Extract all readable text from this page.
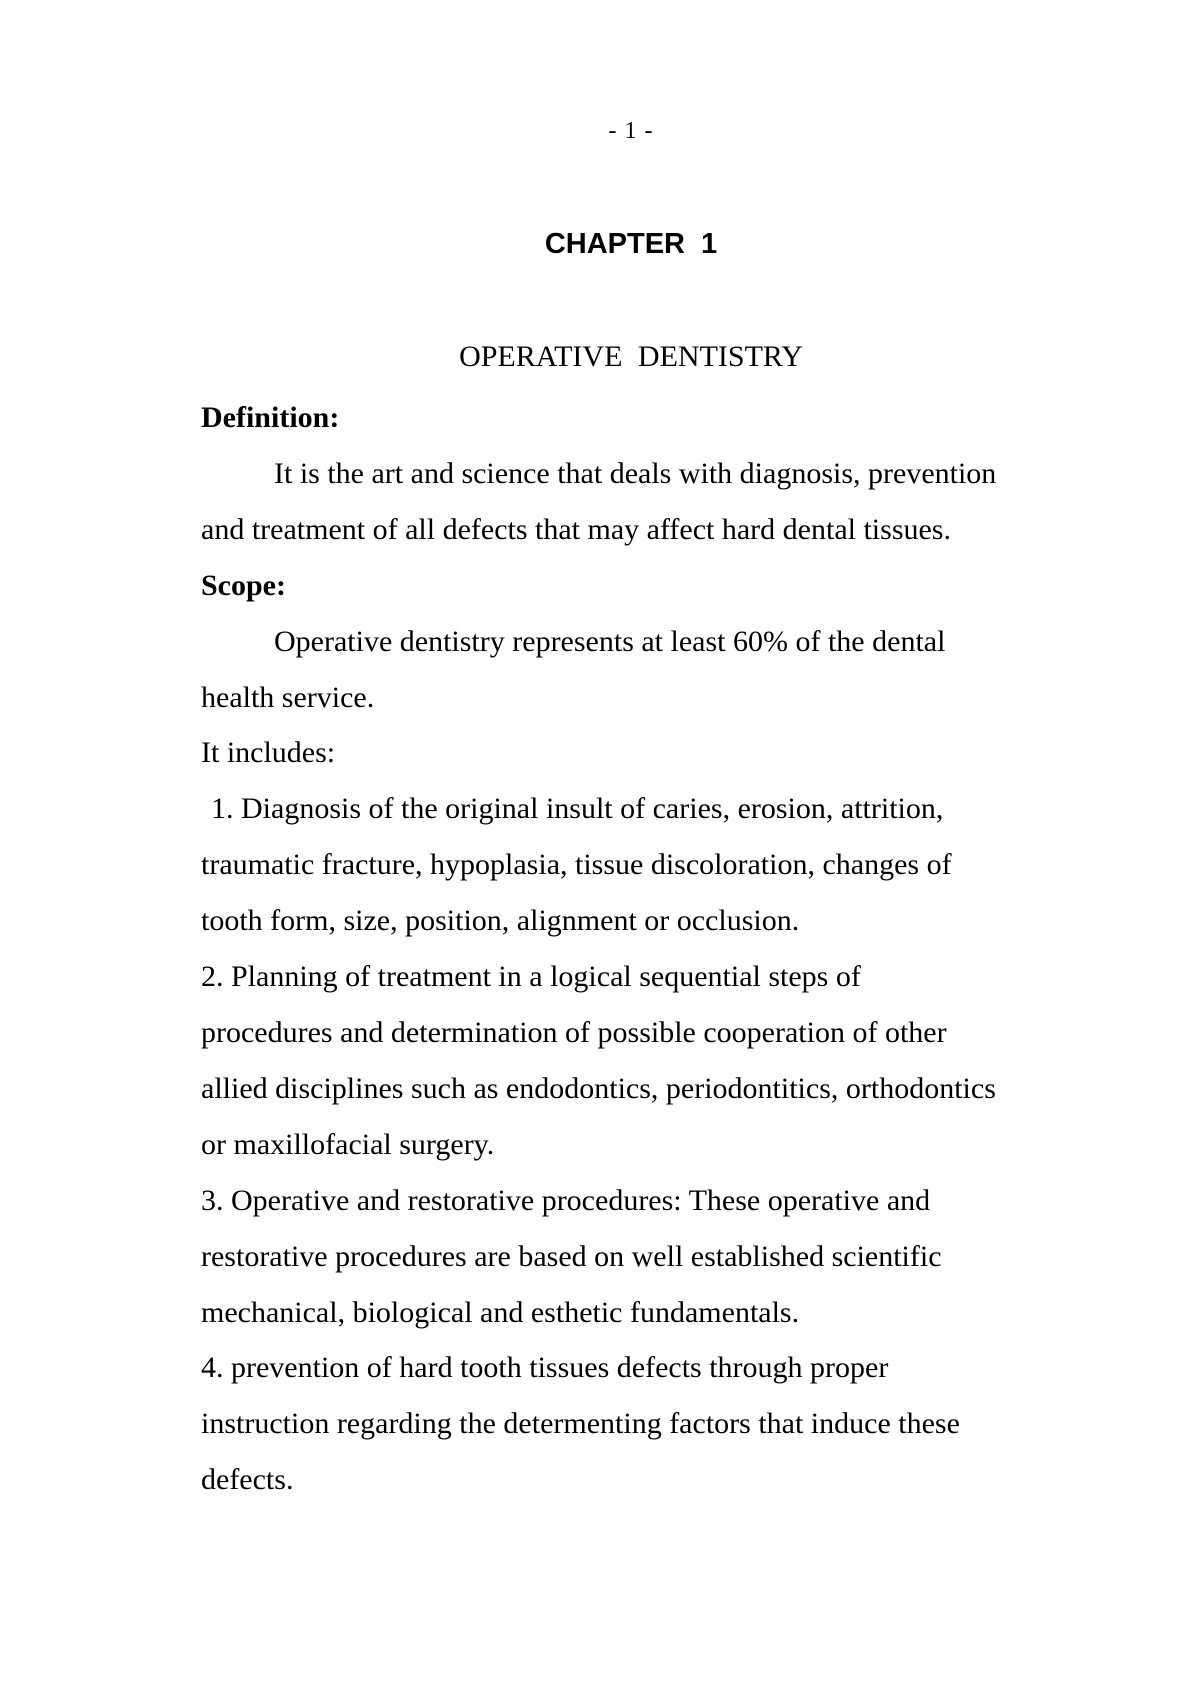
- 1 -
CHAPTER 1
OPERATIVE DENTISTRY
Definition:
It is the art and science that deals with diagnosis, prevention
and treatment of all defects that may affect hard dental tissues.
Scope:
Operative dentistry represents at least 60% of the dental
health service.
It includes:
1. Diagnosis of the original insult of caries, erosion, attrition,
traumatic fracture, hypoplasia, tissue discoloration, changes of
tooth form, size, position, alignment or occlusion.
2. Planning of treatment in a logical sequential steps of
procedures and determination of possible cooperation of other
allied disciplines such as endodontics, periodontitics, orthodontics
or maxillofacial surgery.
3. Operative and restorative procedures: These operative and
restorative procedures are based on well established scientific
mechanical, biological and esthetic fundamentals.
4. prevention of hard tooth tissues defects through proper
instruction regarding the determenting factors that induce these
defects.
